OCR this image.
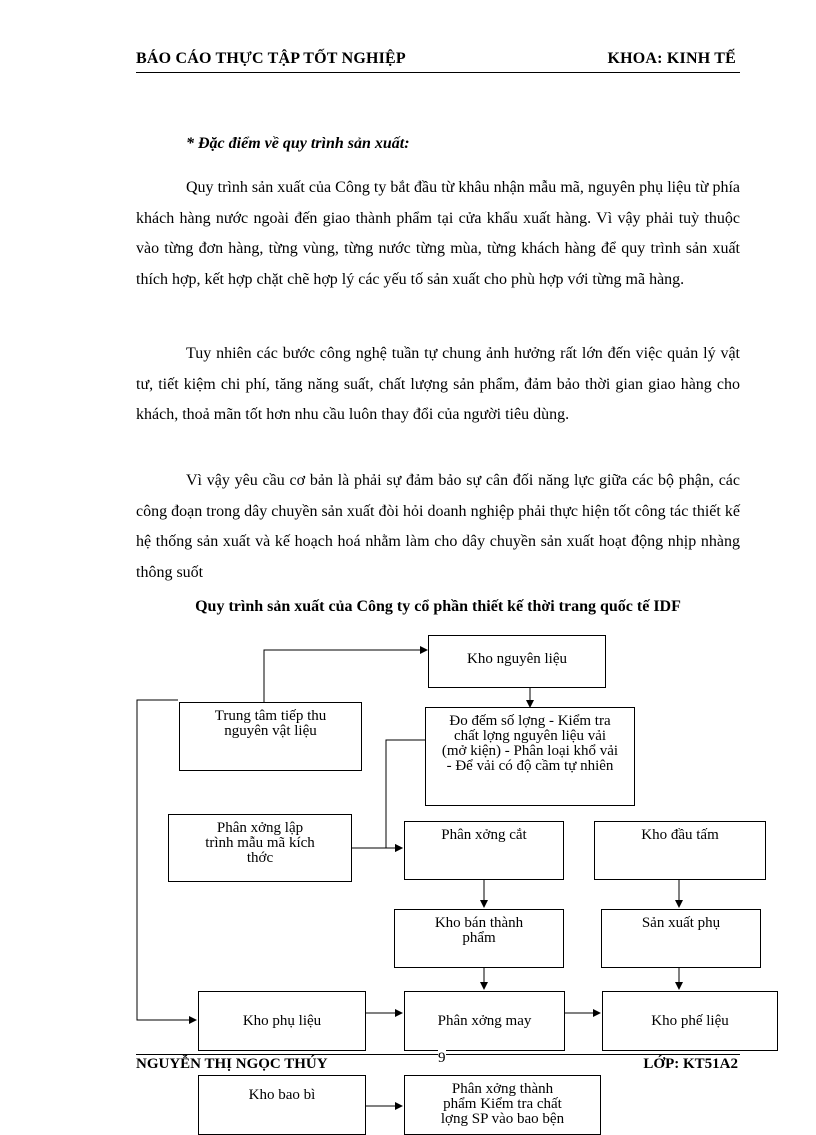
BÁO CÁO THỰC TẬP TỐT NGHIỆP	KHOA: KINH TẾ
* Đặc điểm về quy trình sản xuất:

Quy trình sản xuất của Công ty bắt đầu từ khâu nhận mẫu mã, nguyên phụ liệu từ phía khách hàng nước ngoài đến giao thành phẩm tại cửa khẩu xuất hàng. Vì vậy phải tuỳ thuộc vào từng đơn hàng, từng vùng, từng nước từng mùa, từng khách hàng để quy trình sản xuất thích hợp, kết hợp chặt chẽ hợp lý các yếu tố sản xuất cho phù hợp với từng mã hàng.

Tuy nhiên các bước công nghệ tuần tự chung ảnh hưởng rất lớn đến việc quản lý vật tư, tiết kiệm chi phí, tăng năng suất, chất lượng sản phẩm, đảm bảo thời gian giao hàng cho khách, thoả mãn tốt hơn nhu cầu luôn thay đổi của người tiêu dùng.

Vì vậy yêu cầu cơ bản là phải sự đảm bảo sự cân đối năng lực giữa các bộ phận, các công đoạn trong dây chuyền sản xuất đòi hỏi doanh nghiệp phải thực hiện tốt công tác thiết kế hệ thống sản xuất và kế hoạch hoá nhằm làm cho dây chuyền sản xuất hoạt động nhịp nhàng thông suốt

Quy trình sản xuất của Công ty cổ phần thiết kế thời trang quốc tế IDF
Kho nguyên liệu
Trung tâm tiếp thu
nguyên vật liệu
Đo đếm số lợng - Kiểm tra
chất lợng nguyên liệu vải
(mở kiện) - Phân loại khổ vải
- Để vải có độ cầm tự nhiên
Phân xởng lập
trình mẫu mã kích
thớc
Phân xởng cắt	Kho đầu tấm
Kho bán thành
phẩm
Sản xuất phụ
Kho phụ liệu	Phân xởng may	Kho phế liệu
Kho bao bì	Phân xởng thành
phẩm Kiểm tra chất
lợng SP vào bao bện
NGUYỄN THỊ NGỌC THÚY	9	LỚP: KT51A2
